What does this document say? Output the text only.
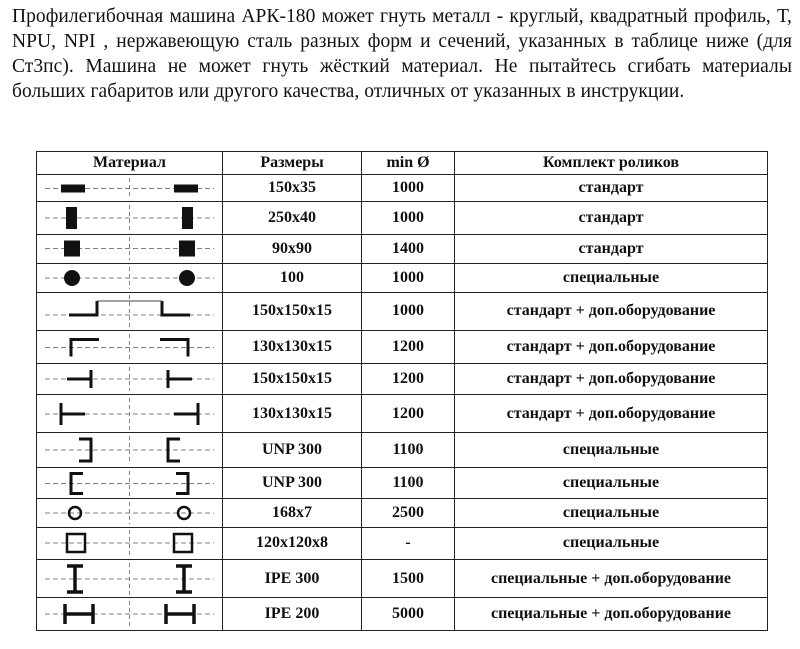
Профилегибочная машина АРК-180 может гнуть металл - круглый, квадратный профиль, Т, NPU, NPI , нержавеющую сталь разных форм и сечений, указанных в таблице ниже (для Ст3пс). Машина не может гнуть жёсткий материал. Не пытайтесь сгибать материалы больших габаритов или другого качества, отличных от указанных в инструкции.

Материал	Размеры	min Ø	Комплект роликов

	150x35	1000	стандарт

	250x40	1000	стандарт

	90x90	1400	стандарт

	100	1000	специальные

	150x150x15	1000	стандарт + доп.оборудование

	130x130x15	1200	стандарт + доп.оборудование

	150x150x15	1200	стандарт + доп.оборудование

	130x130x15	1200	стандарт + доп.оборудование

	UNP 300	1100	специальные

	UNP 300	1100	специальные

	168x7	2500	специальные

	120x120x8	-	специальные

	IPE 300	1500	специальные + доп.оборудование

	IPE 200	5000	специальные + доп.оборудование
